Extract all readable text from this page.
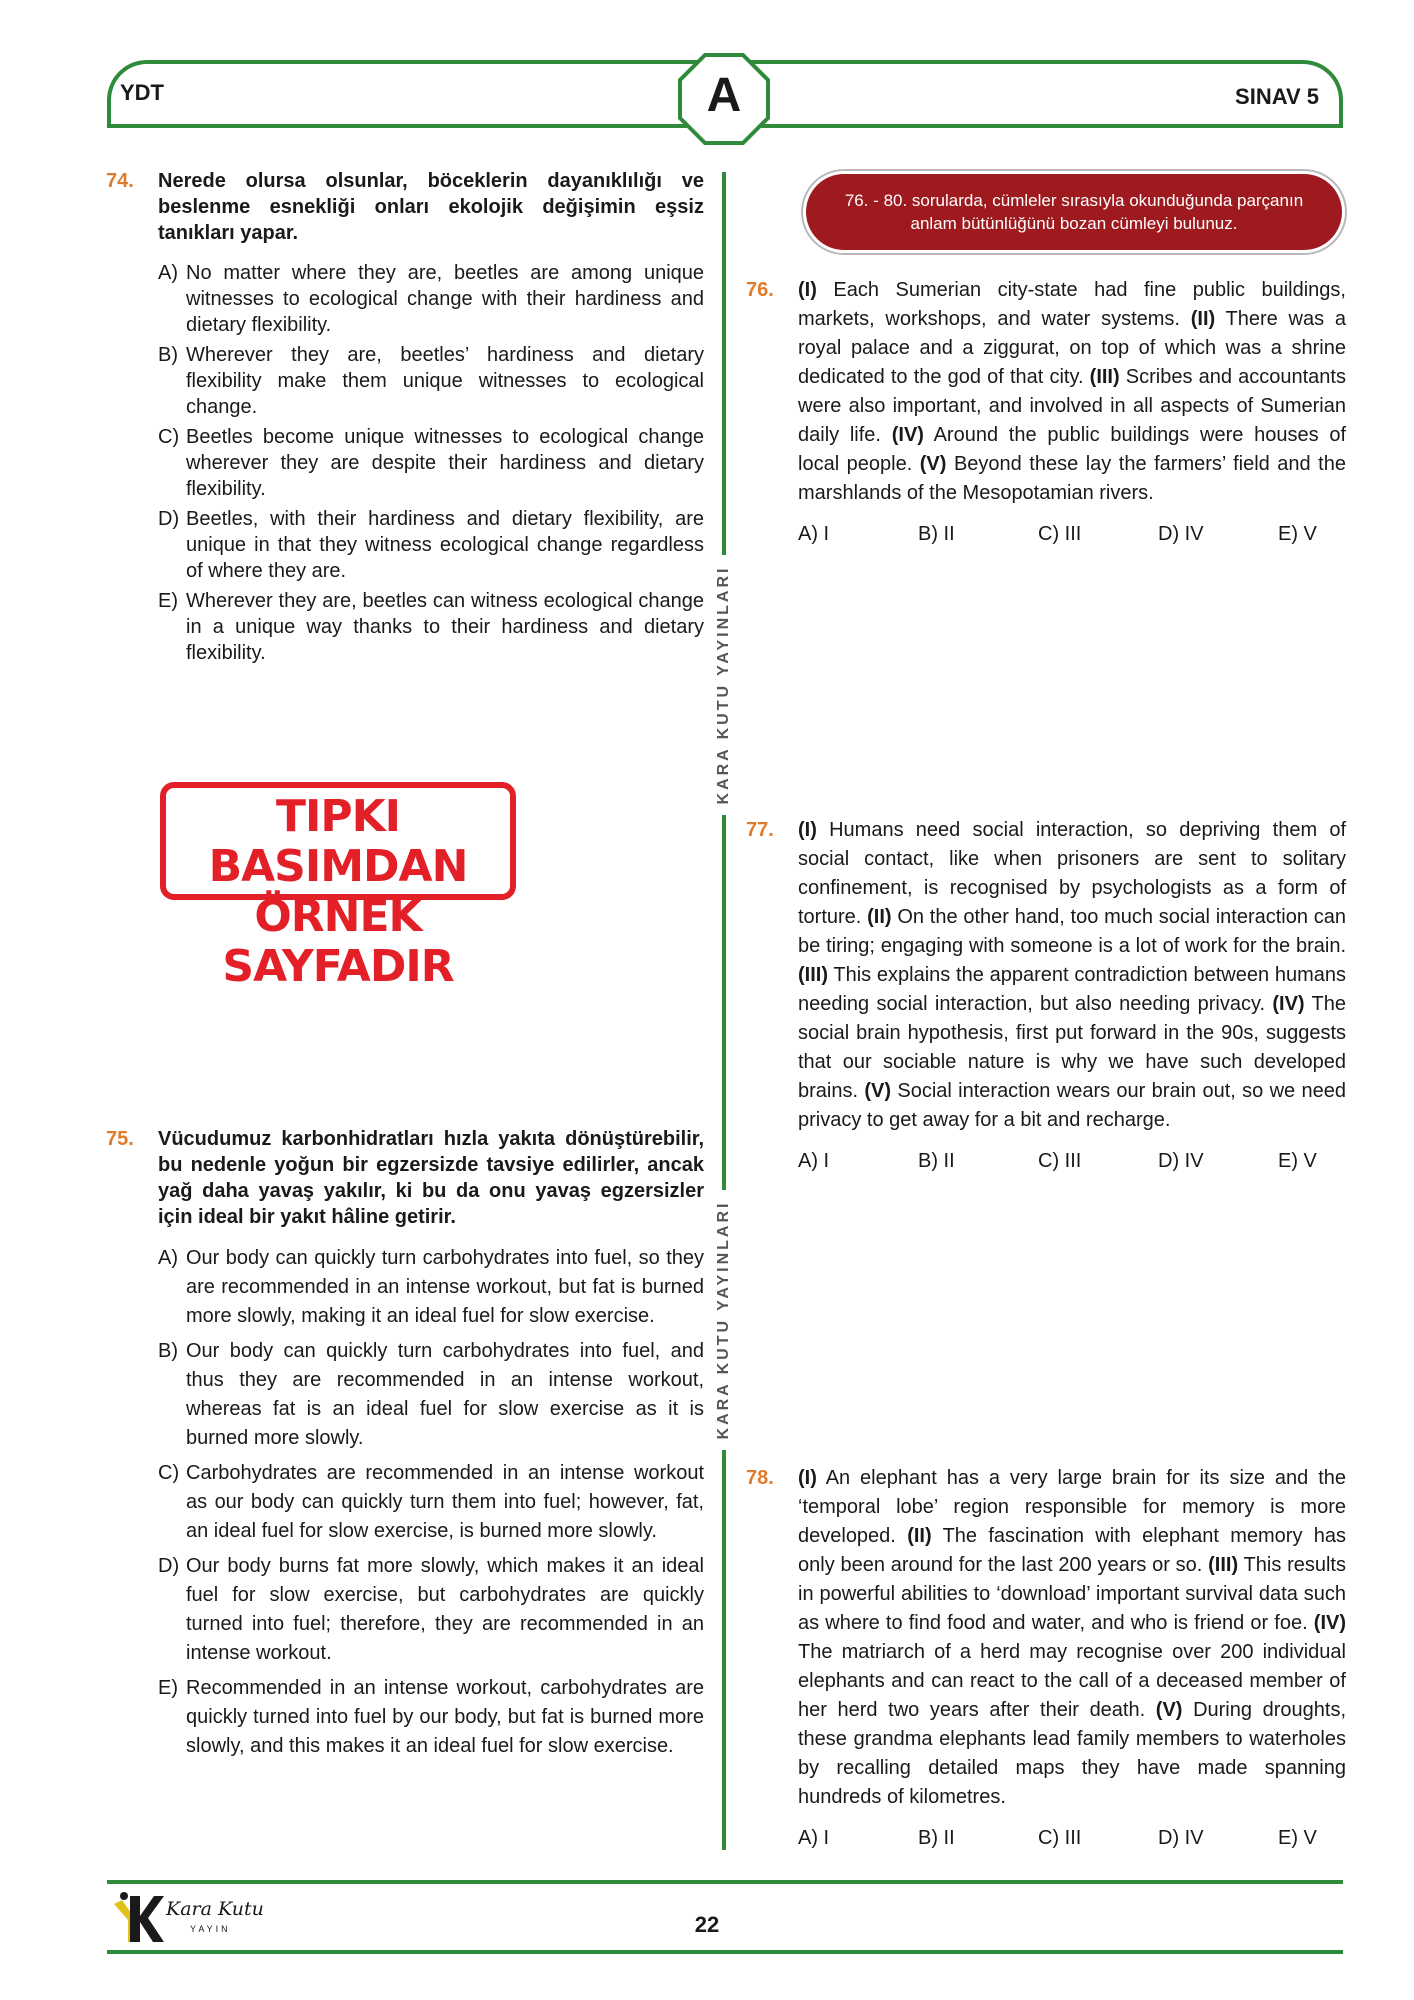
YDT	SINAV 5
A
KARA KUTU YAYINLARI
KARA KUTU YAYINLARI
74. Nerede olursa olsunlar, böceklerin dayanıklılığı ve beslenme esnekliği onları ekolojik değişimin eşsiz tanıkları yapar.
A) No matter where they are, beetles are among unique witnesses to ecological change with their hardiness and dietary flexibility.
B) Wherever they are, beetles’ hardiness and dietary flexibility make them unique witnesses to ecological change.
C) Beetles become unique witnesses to ecological change wherever they are despite their hardiness and dietary flexibility.
D) Beetles, with their hardiness and dietary flexibility, are unique in that they witness ecological change regardless of where they are.
E) Wherever they are, beetles can witness ecological change in a unique way thanks to their hardiness and dietary flexibility.
TIPKI BASIMDAN
ÖRNEK SAYFADIR
75. Vücudumuz karbonhidratları hızla yakıta dönüştürebilir, bu nedenle yoğun bir egzersizde tavsiye edilirler, ancak yağ daha yavaş yakılır, ki bu da onu yavaş egzersizler için ideal bir yakıt hâline getirir.
A) Our body can quickly turn carbohydrates into fuel, so they are recommended in an intense workout, but fat is burned more slowly, making it an ideal fuel for slow exercise.
B) Our body can quickly turn carbohydrates into fuel, and thus they are recommended in an intense workout, whereas fat is an ideal fuel for slow exercise as it is burned more slowly.
C) Carbohydrates are recommended in an intense workout as our body can quickly turn them into fuel; however, fat, an ideal fuel for slow exercise, is burned more slowly.
D) Our body burns fat more slowly, which makes it an ideal fuel for slow exercise, but carbohydrates are quickly turned into fuel; therefore, they are recommended in an intense workout.
E) Recommended in an intense workout, carbohydrates are quickly turned into fuel by our body, but fat is burned more slowly, and this makes it an ideal fuel for slow exercise.
76. - 80. sorularda, cümleler sırasıyla okunduğunda parçanın anlam bütünlüğünü bozan cümleyi bulunuz.
76. (I) Each Sumerian city-state had fine public buildings, markets, workshops, and water systems. (II) There was a royal palace and a ziggurat, on top of which was a shrine dedicated to the god of that city. (III) Scribes and accountants were also important, and involved in all aspects of Sumerian daily life. (IV) Around the public buildings were houses of local people. (V) Beyond these lay the farmers’ field and the marshlands of the Mesopotamian rivers.
A) I	B) II	C) III	D) IV	E) V
77. (I) Humans need social interaction, so depriving them of social contact, like when prisoners are sent to solitary confinement, is recognised by psychologists as a form of torture. (II) On the other hand, too much social interaction can be tiring; engaging with someone is a lot of work for the brain. (III) This explains the apparent contradiction between humans needing social interaction, but also needing privacy. (IV) The social brain hypothesis, first put forward in the 90s, suggests that our sociable nature is why we have such developed brains. (V) Social interaction wears our brain out, so we need privacy to get away for a bit and recharge.
A) I	B) II	C) III	D) IV	E) V
78. (I) An elephant has a very large brain for its size and the ‘temporal lobe’ region responsible for memory is more developed. (II) The fascination with elephant memory has only been around for the last 200 years or so. (III) This results in powerful abilities to ‘download’ important survival data such as where to find food and water, and who is friend or foe. (IV) The matriarch of a herd may recognise over 200 individual elephants and can react to the call of a deceased member of her herd two years after their death. (V) During droughts, these grandma elephants lead family members to waterholes by recalling detailed maps they have made spanning hundreds of kilometres.
A) I	B) II	C) III	D) IV	E) V
Kara Kutu
YAYIN	22
